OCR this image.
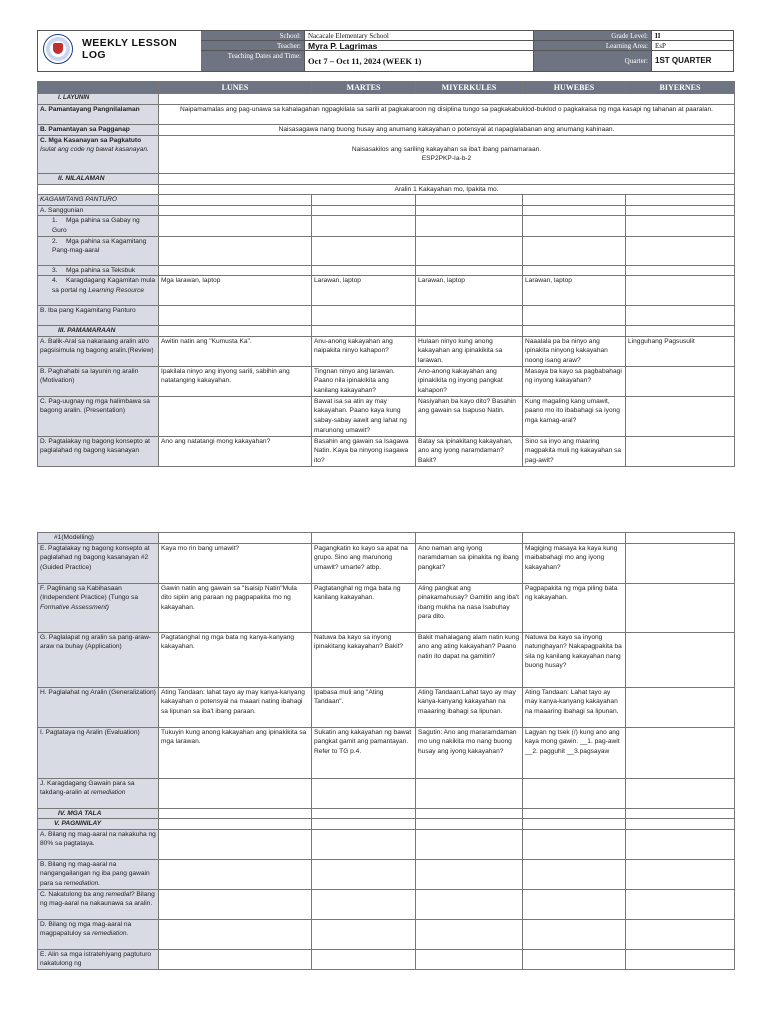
WEEKLY LESSON LOG
School:	Nacacale Elementary School	Grade Level:	II
Teacher: Myra P. Lagrimas	Learning Area:	EsP
Teaching Dates and Time: Oct 7 – Oct 11, 2024 (WEEK 1)	Quarter: 1ST QUARTER
	LUNES	MARTES	MIYERKULES	HUWEBES	BIYERNES
I. LAYUNIN					
A. Pamantayang Pangnilalaman	Naipamamalas ang pag-unawa sa kahalagahan ngpagkilala sa sarili at pagkakaroon ng disiplina tungo sa pagkakabuklod-buklod o pagkakaisa ng mga kasapi ng tahanan at paaralan.				
B. Pamantayan sa Pagganap	Naisasagawa nang buong husay ang anumang kakayahan o potensyal at napaglalabanan ang anumang kahinaan.				
C. Mga Kasanayan sa Pagkatuto
Isulat ang code ng bawat kasanayan.	Naisasakilos ang sariling kakayahan sa iba't ibang pamamaraan.
ESP2PKP-Ia-b-2				
II. NILALAMAN					
	Aralin 1 Kakayahan mo, Ipakita mo.				
KAGAMITANG PANTURO					
A. Sanggunian					
1. Mga pahina sa Gabay ng Guro					
2. Mga pahina sa Kagamitang Pang-mag-aaral					
3. Mga pahina sa Teksbuk					
4. Karagdagang Kagamitan mula sa portal ng Learning Resource	Mga larawan, laptop	Larawan, laptop	Larawan, laptop	Larawan, laptop	
B. Iba pang Kagamitang Panturo					
III. PAMAMARAAN					
A. Balik-Aral sa nakaraang aralin at/o pagsisimula ng bagong aralin.(Review)	Awitin natin ang "Kumusta Ka".	Anu-anong kakayahan ang naipakita ninyo kahapon?	Hulaan ninyo kung anong kakayahan ang ipinakikita sa larawan.	Naaalala pa ba ninyo ang ipinakita ninyong kakayahan noong isang araw?	Lingguhang Pagsusulit
B. Paghahabi sa layunin ng aralin (Motivation)	Ipakilala ninyo ang inyong sarili, sabihin ang natatanging kakayahan.	Tingnan ninyo ang larawan. Paano nila ipinakikita ang kanilang kakayahan?	Ano-anong kakayahan ang ipinakikita ng inyong pangkat kahapon?	Masaya ba kayo sa pagbabahagi ng inyong kakayahan?	
C. Pag-uugnay ng mga halimbawa sa bagong aralin. (Presentation)		Bawat isa sa atin ay may kakayahan. Paano kaya kung sabay-sabay aawit ang lahat ng marunong umawit?	Nasiyahan ba kayo dito? Basahin ang gawain sa Isapuso Natin.	Kung magaling kang umawit, paano mo ito ibabahagi sa iyong mga kamag-aral?	
D. Pagtalakay ng bagong konsepto at paglalahad ng bagong kasanayan	Ano ang natatangi mong kakayahan?	Basahin ang gawain sa Isagawa Natin. Kaya ba ninyong isagawa ito?	Batay sa ipinakitang kakayahan, ano ang iyong naramdaman? Bakit?	Sino sa inyo ang maaring magpakita muli ng kakayahan sa pag-awit?	
#1(Modelling)					
E. Pagtalakay ng bagong konsepto at paglalahad ng bagong kasanayan #2 (Guided Practice)	Kaya mo rin bang umawit?	Pagangkatin ko kayo sa apat na grupo. Sino ang marunong umawit? umarte? atbp.	Ano naman ang iyong naramdaman sa ipinakita ng ibang pangkat?	Magiging masaya ka kaya kung maibabahagi mo ang iyong kakayahan?	
F. Paglinang sa Kabihasaan (Independent Practice) (Tungo sa Formative Assessment)	Gawin natin ang gawain sa "Isaisip Natin"Mula dito sipiin ang paraan ng pagpapakita mo ng kakayahan.	Pagtatanghal ng mga bata ng kanilang kakayahan.	Aling pangkat ang pinakamahusay? Gamitin ang iba't ibang mukha na nasa Isabuhay para dito.	Pagpapakita ng mga piling bata ng kakayahan.	
G. Paglalapat ng aralin sa pang-araw-araw na buhay (Application)	Pagtatanghal ng mga bata ng kanya-kanyang kakayahan.	Natuwa ba kayo sa inyong ipinakitang kakayahan? Bakit?	Bakit mahalagang alam natin kung ano ang ating kakayahan? Paano natin ito dapat na gamitin?	Natuwa ba kayo sa inyong natunghayan? Nakapagpakita ba sila ng kanilang kakayahan nang buong husay?	
H. Paglalahat ng Aralin (Generalization)	Ating Tandaan: lahat tayo ay may kanya-kanyang kakayahan o potensyal na maaari nating ibahagi sa lipunan sa iba't ibang paraan.	Ipabasa muli ang "Ating Tandaan".	Ating Tandaan:Lahat tayo ay may kanya-kanyang kakayahan na maaaring ibahagi sa lipunan.	Ating Tandaan: Lahat tayo ay may kanya-kanyang kakayahan na maaaring ibahagi sa lipunan.	
I. Pagtataya ng Aralin (Evaluation)	Tukuyin kung anong kakayahan ang ipinakikita sa mga larawan.	Sukatin ang kakayahan ng bawat pangkat gamit ang pamantayan. Refer to TG p.4.	Sagutin: Ano ang mararamdaman mo ung nakikita mo nang buong husay ang iyong kakayahan?	Lagyan ng tsek (/) kung ano ang kaya mong gawin. __1. pag-awit __2. pagguhit __3.pagsayaw	
J. Karagdagang Gawain para sa takdang-aralin at remediation					
IV. MGA TALA					
V. PAGNINILAY					
A. Bilang ng mag-aaral na nakakuha ng 80% sa pagtataya.					
B. Bilang ng mag-aaral na nangangailangan ng iba pang gawain para sa remediation.					
C. Nakatulong ba ang remedial? Bilang ng mag-aaral na nakaunawa sa aralin.					
D. Bilang ng mga mag-aaral na magpapatuloy sa remediation.					
E. Alin sa mga istratehiyang pagtuturo nakatulong ng					
